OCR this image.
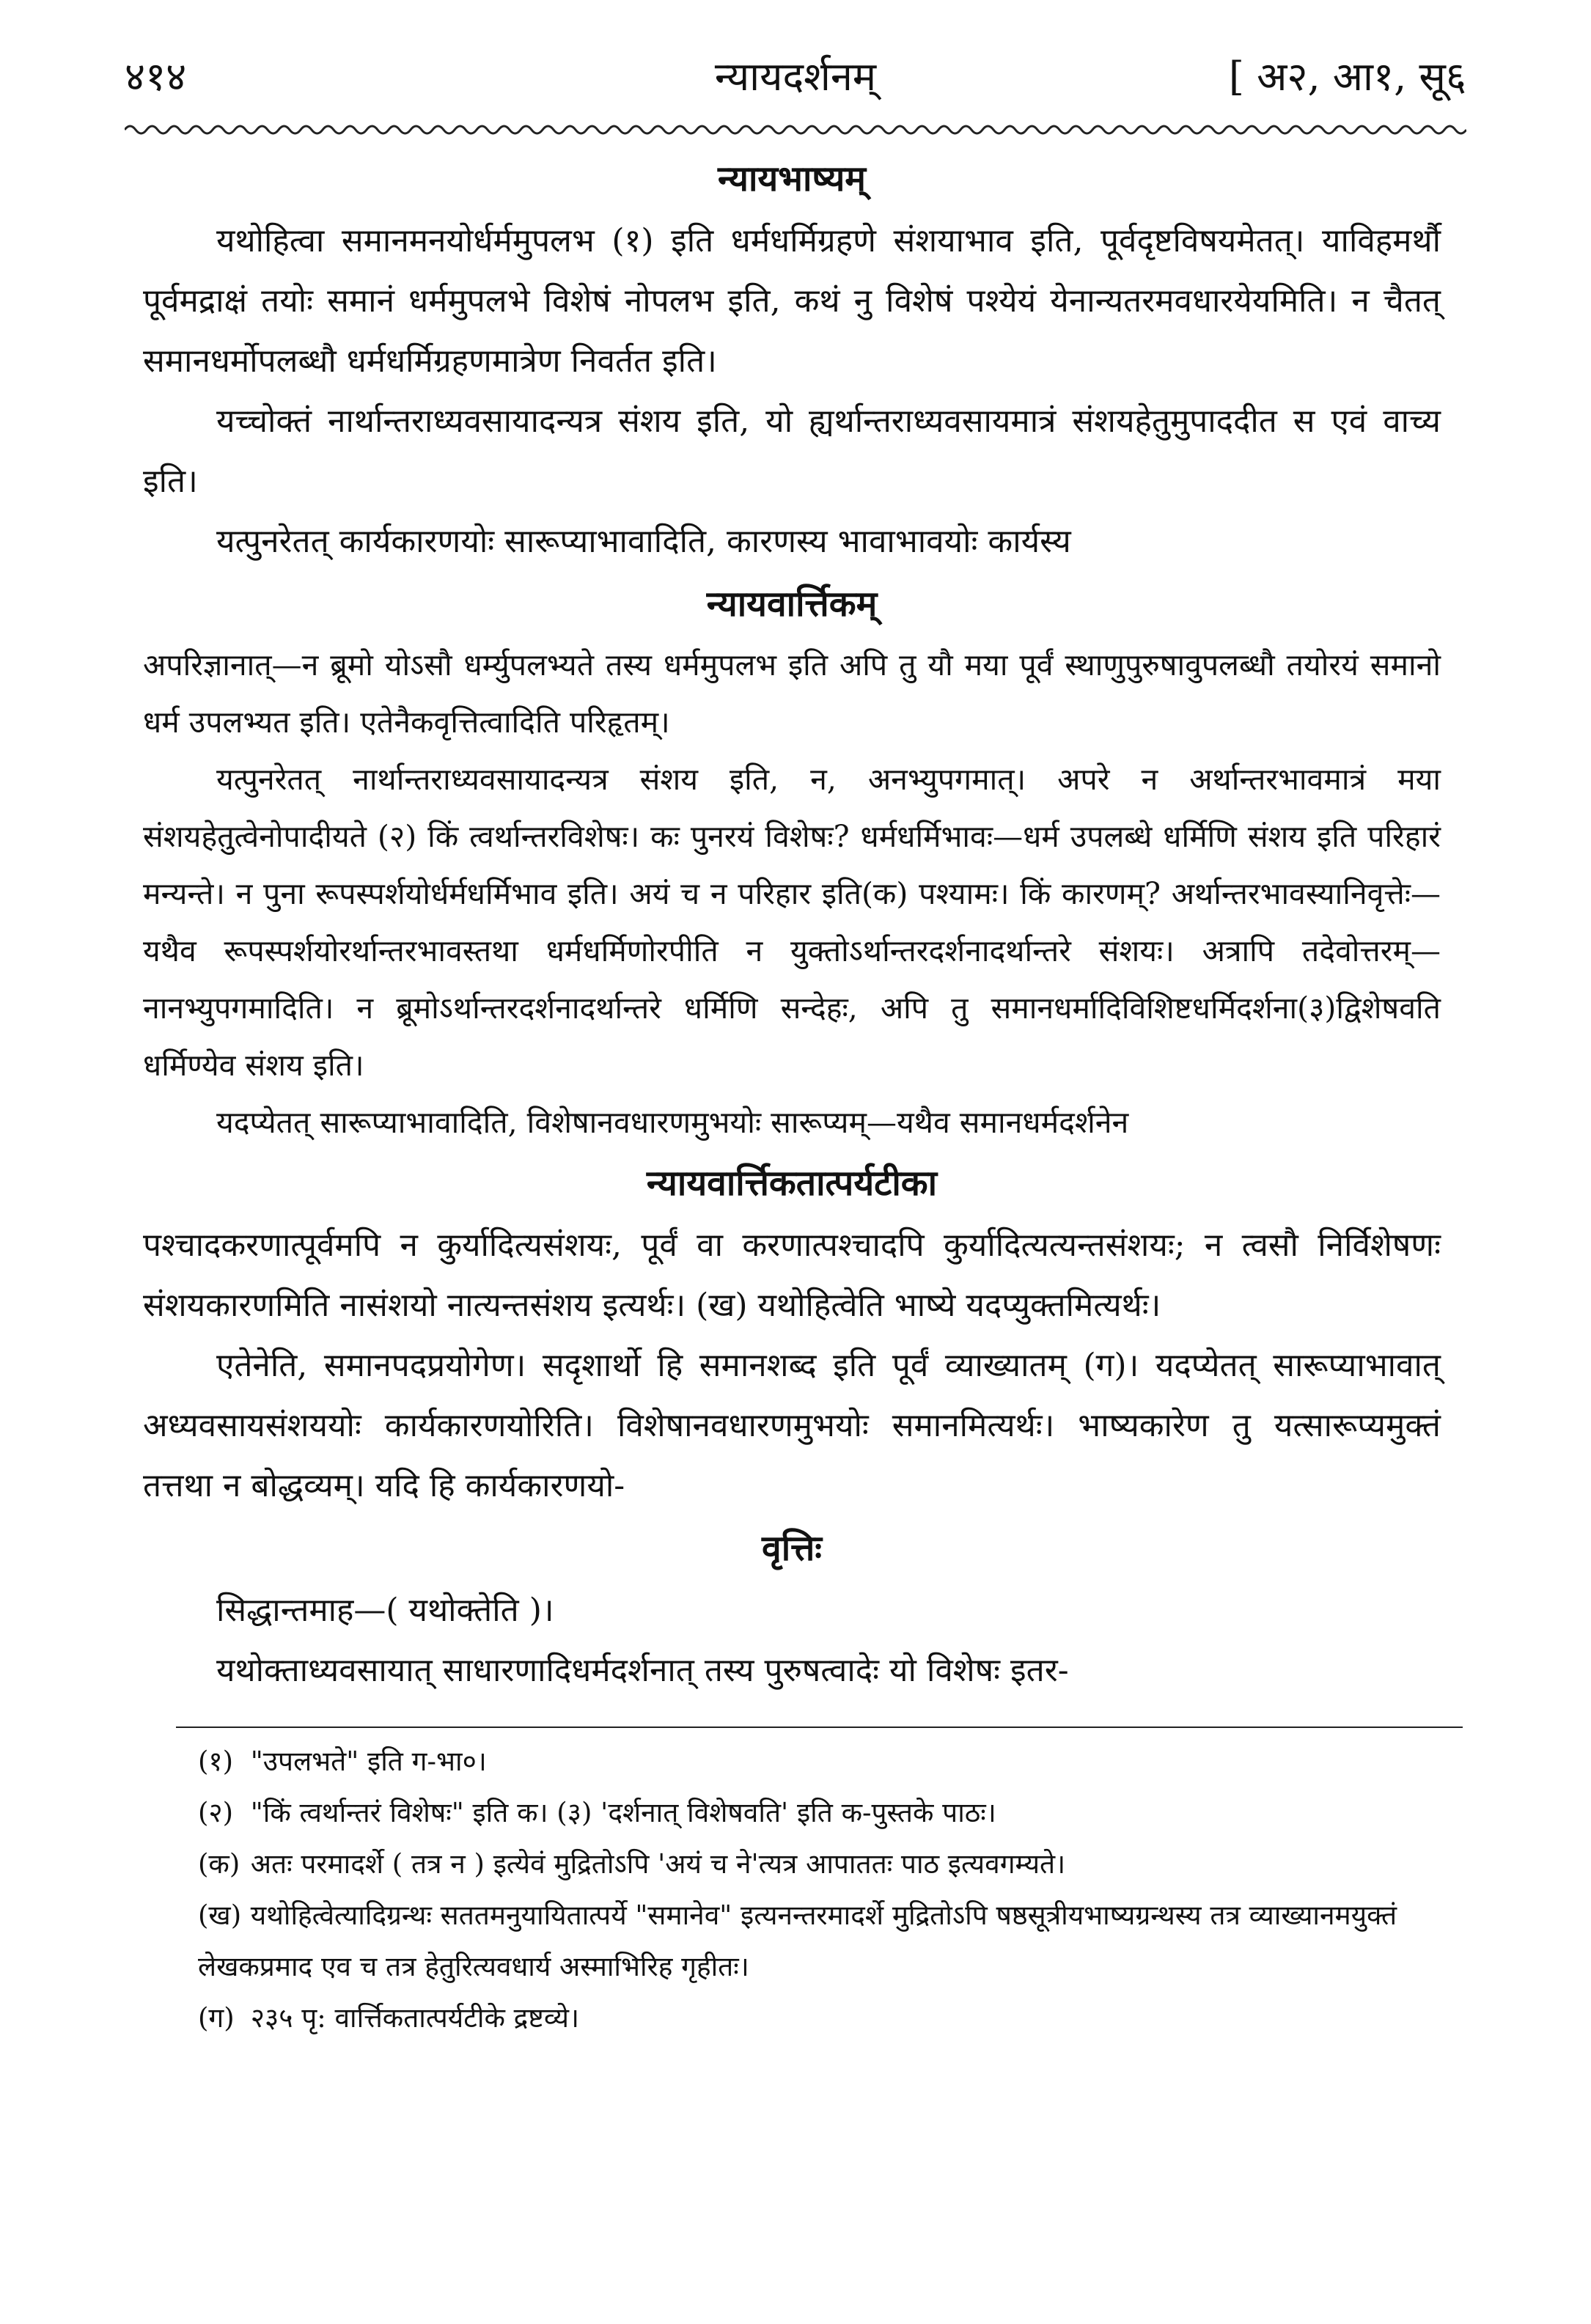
४१४	न्यायदर्शनम्	[ अ२, आ१, सू६
न्यायभाष्यम्

यथोहित्वा समानमनयोर्धर्ममुपलभ (१) इति धर्मधर्मिग्रहणे संशयाभाव इति, पूर्वदृष्टविषयमेतत्। याविहमर्थौ पूर्वमद्राक्षं तयोः समानं धर्ममुपलभे विशेषं नोपलभ इति, कथं नु विशेषं पश्येयं येनान्यतरमवधारयेयमिति। न चैतत् समानधर्मोपलब्धौ धर्मधर्मिग्रहणमात्रेण निवर्तत इति।

यच्चोक्तं नार्थान्तराध्यवसायादन्यत्र संशय इति, यो ह्यर्थान्तराध्यवसायमात्रं संशयहेतुमुपाददीत स एवं वाच्य इति।

यत्पुनरेतत् कार्यकारणयोः सारूप्याभावादिति, कारणस्य भावाभावयोः कार्यस्य

न्यायवार्त्तिकम्

अपरिज्ञानात्—न ब्रूमो योऽसौ धर्म्युपलभ्यते तस्य धर्ममुपलभ इति अपि तु यौ मया पूर्वं स्थाणुपुरुषावुपलब्धौ तयोरयं समानो धर्म उपलभ्यत इति। एतेनैकवृत्तित्वादिति परिहृतम्।

यत्पुनरेतत् नार्थान्तराध्यवसायादन्यत्र संशय इति, न, अनभ्युपगमात्। अपरे न अर्थान्तरभावमात्रं मया संशयहेतुत्वेनोपादीयते (२) किं त्वर्थान्तरविशेषः। कः पुनरयं विशेषः? धर्मधर्मिभावः—धर्म उपलब्धे धर्मिणि संशय इति परिहारं मन्यन्ते। न पुना रूपस्पर्शयोर्धर्मधर्मिभाव इति। अयं च न परिहार इति(क) पश्यामः। किं कारणम्? अर्थान्तरभावस्यानिवृत्तेः—यथैव रूपस्पर्शयोरर्थान्तरभावस्तथा धर्मधर्मिणोरपीति न युक्तोऽर्थान्तरदर्शनादर्थान्तरे संशयः। अत्रापि तदेवोत्तरम्—नानभ्युपगमादिति। न ब्रूमोऽर्थान्तरदर्शनादर्थान्तरे धर्मिणि सन्देहः, अपि तु समानधर्मादिविशिष्टधर्मिदर्शना(३)द्विशेषवति धर्मिण्येव संशय इति।

यदप्येतत् सारूप्याभावादिति, विशेषानवधारणमुभयोः सारूप्यम्—यथैव समानधर्मदर्शनेन

न्यायवार्त्तिकतात्पर्यटीका

पश्चादकरणात्पूर्वमपि न कुर्यादित्यसंशयः, पूर्वं वा करणात्पश्चादपि कुर्यादित्यत्यन्तसंशयः; न त्वसौ निर्विशेषणः संशयकारणमिति नासंशयो नात्यन्तसंशय इत्यर्थः। (ख) यथोहित्वेति भाष्ये यदप्युक्तमित्यर्थः।

एतेनेति, समानपदप्रयोगेण। सदृशार्थो हि समानशब्द इति पूर्वं व्याख्यातम् (ग)। यदप्येतत् सारूप्याभावात् अध्यवसायसंशययोः कार्यकारणयोरिति। विशेषानवधारणमुभयोः समानमित्यर्थः। भाष्यकारेण तु यत्सारूप्यमुक्तं तत्तथा न बोद्धव्यम्। यदि हि कार्यकारणयो-

वृत्तिः

सिद्धान्तमाह—( यथोक्तेति )।

यथोक्ताध्यवसायात् साधारणादिधर्मदर्शनात् तस्य पुरुषत्वादेः यो विशेषः इतर-

(१) "उपलभते" इति ग-भा०।

(२) "किं त्वर्थान्तरं विशेषः" इति क। (३) 'दर्शनात् विशेषवति' इति क-पुस्तके पाठः।

(क) अतः परमादर्शे ( तत्र न ) इत्येवं मुद्रितोऽपि 'अयं च ने'त्यत्र आपाततः पाठ इत्यवगम्यते।

(ख) यथोहित्वेत्यादिग्रन्थः सततमनुयायितात्पर्ये "समानेव" इत्यनन्तरमादर्शे मुद्रितोऽपि षष्ठसूत्रीयभाष्यग्रन्थस्य तत्र व्याख्यानमयुक्तं लेखकप्रमाद एव च तत्र हेतुरित्यवधार्य अस्माभिरिह गृहीतः।

(ग) २३५ पृ: वार्त्तिकतात्पर्यटीके द्रष्टव्ये।
